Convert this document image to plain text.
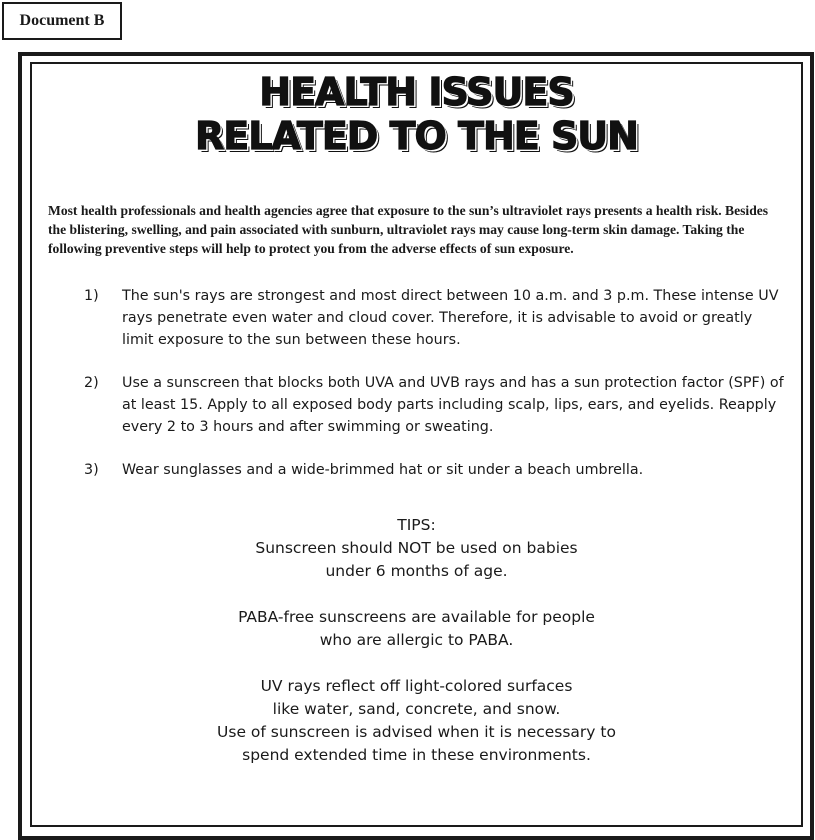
Document B
HEALTH ISSUES
RELATED TO THE SUN

Most health professionals and health agencies agree that exposure to the sun’s ultraviolet rays presents a health risk. Besides the blistering, swelling, and pain associated with sunburn, ultraviolet rays may cause long-term skin damage. Taking the following preventive steps will help to protect you from the adverse effects of sun exposure.

1)	The sun's rays are strongest and most direct between 10 a.m. and 3 p.m. These intense UV rays penetrate even water and cloud cover. Therefore, it is advisable to avoid or greatly limit exposure to the sun between these hours.
2)	Use a sunscreen that blocks both UVA and UVB rays and has a sun protection factor (SPF) of at least 15. Apply to all exposed body parts including scalp, lips, ears, and eyelids. Reapply every 2 to 3 hours and after swimming or sweating.
3)	Wear sunglasses and a wide-brimmed hat or sit under a beach umbrella.
TIPS:
Sunscreen should NOT be used on babies
under 6 months of age.
PABA-free sunscreens are available for people
who are allergic to PABA.
UV rays reflect off light-colored surfaces
like water, sand, concrete, and snow.
Use of sunscreen is advised when it is necessary to
spend extended time in these environments.
